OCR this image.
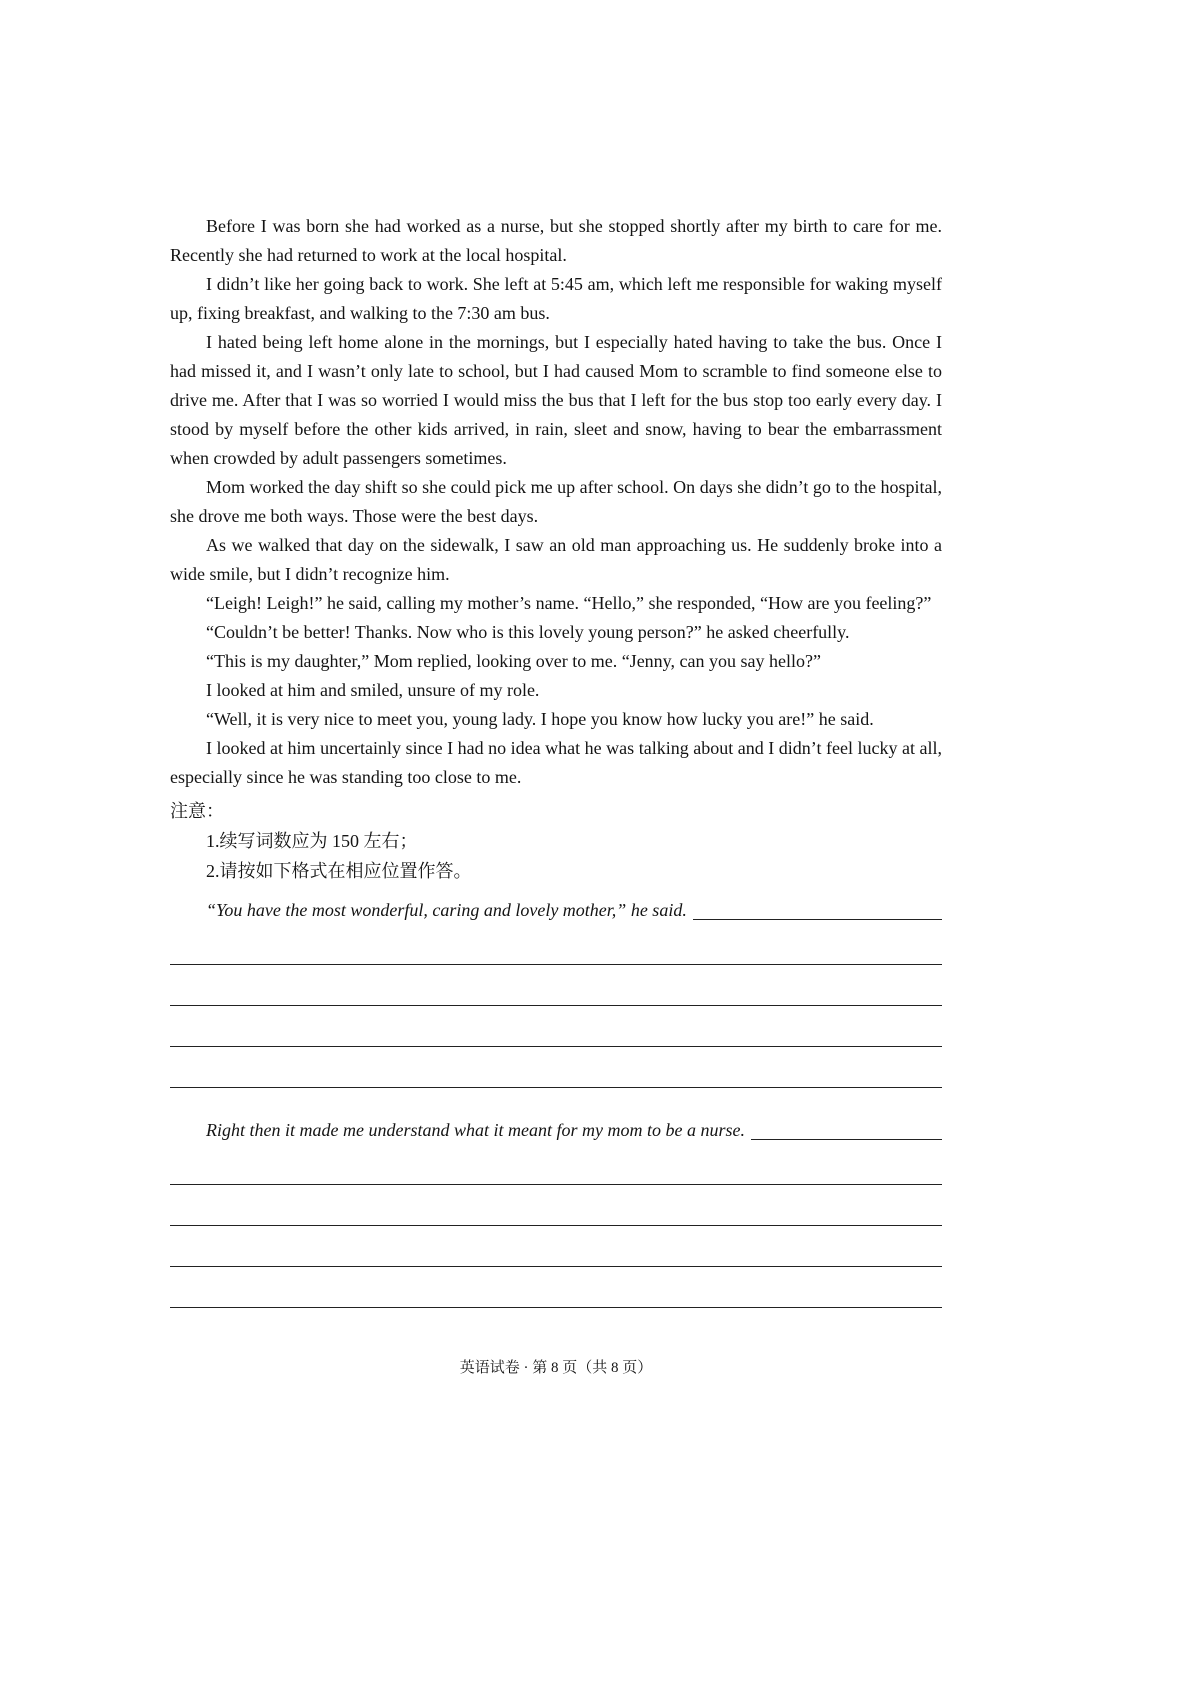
Before I was born she had worked as a nurse, but she stopped shortly after my birth to care for me. Recently she had returned to work at the local hospital.

I didn’t like her going back to work. She left at 5:45 am, which left me responsible for waking myself up, fixing breakfast, and walking to the 7:30 am bus.

I hated being left home alone in the mornings, but I especially hated having to take the bus. Once I had missed it, and I wasn’t only late to school, but I had caused Mom to scramble to find someone else to drive me. After that I was so worried I would miss the bus that I left for the bus stop too early every day. I stood by myself before the other kids arrived, in rain, sleet and snow, having to bear the embarrassment when crowded by adult passengers sometimes.

Mom worked the day shift so she could pick me up after school. On days she didn’t go to the hospital, she drove me both ways. Those were the best days.

As we walked that day on the sidewalk, I saw an old man approaching us. He suddenly broke into a wide smile, but I didn’t recognize him.

“Leigh! Leigh!” he said, calling my mother’s name. “Hello,” she responded, “How are you feeling?”

“Couldn’t be better! Thanks. Now who is this lovely young person?” he asked cheerfully.

“This is my daughter,” Mom replied, looking over to me. “Jenny, can you say hello?”

I looked at him and smiled, unsure of my role.

“Well, it is very nice to meet you, young lady. I hope you know how lucky you are!” he said.

I looked at him uncertainly since I had no idea what he was talking about and I didn’t feel lucky at all, especially since he was standing too close to me.

注意：
1.续写词数应为 150 左右；
2.请按如下格式在相应位置作答。
“You have the most wonderful, caring and lovely mother,” he said.
Right then it made me understand what it meant for my mom to be a nurse.
英语试卷 · 第 8 页（共 8 页）
